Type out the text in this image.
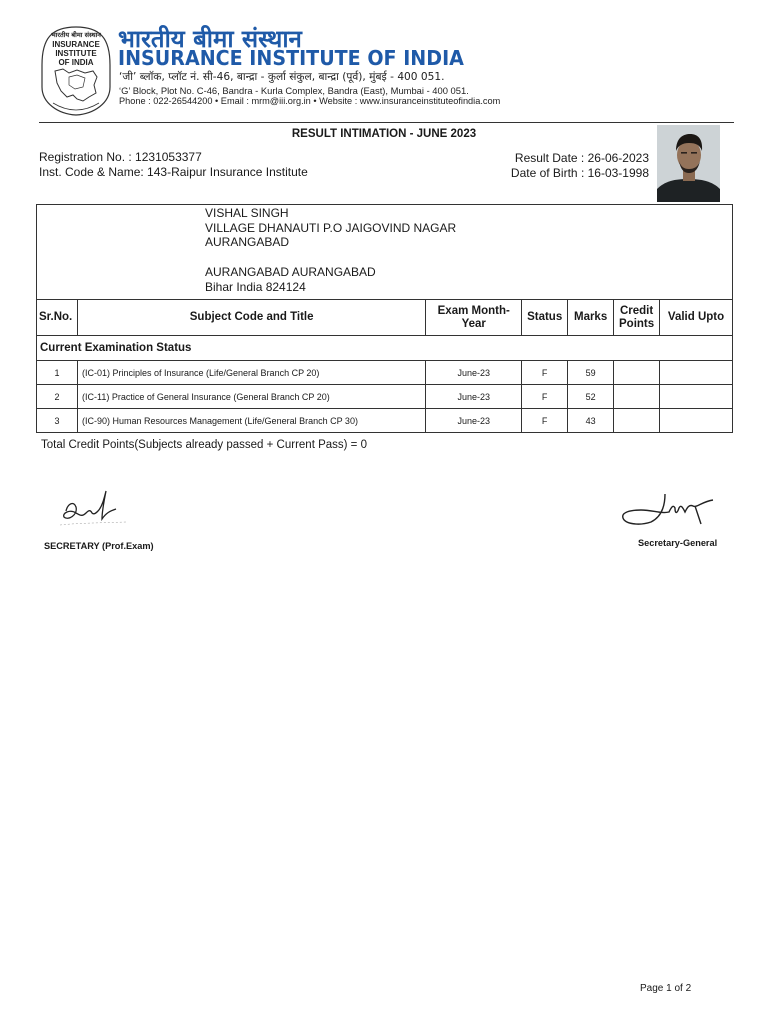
भारतीय बीमा संस्थान
INSURANCE
INSTITUTE
OF INDIA
भारतीय बीमा संस्थान
INSURANCE INSTITUTE OF INDIA
‘जी’ ब्लॉक, प्लॉट नं. सी-46, बान्द्रा - कुर्ला संकुल, बान्द्रा (पूर्व), मुंबई - 400 051.
‘G’ Block, Plot No. C-46, Bandra - Kurla Complex, Bandra (East), Mumbai - 400 051.
Phone : 022-26544200 • Email : mrm@iii.org.in • Website : www.insuranceinstituteofindia.com
RESULT INTIMATION - JUNE 2023
Registration No. : 1231053377
Inst. Code & Name: 143-Raipur Insurance Institute
Result Date : 26-06-2023
Date of Birth : 16-03-1998
VISHAL SINGH
VILLAGE DHANAUTI P.O JAIGOVIND NAGAR
AURANGABAD
AURANGABAD AURANGABAD
Bihar India 824124
Sr.No.	Subject Code and Title	Exam Month-Year	Status	Marks	Credit Points	Valid Upto
Current Examination Status						
1	(IC-01) Principles of Insurance (Life/General Branch CP 20)	June-23	F	59		
2	(IC-11) Practice of General Insurance (General Branch CP 20)	June-23	F	52		
3	(IC-90) Human Resources Management (Life/General Branch CP 30)	June-23	F	43		
Total Credit Points(Subjects already passed + Current Pass) = 0
SECRETARY (Prof.Exam)	Secretary-General
Page 1 of 2
